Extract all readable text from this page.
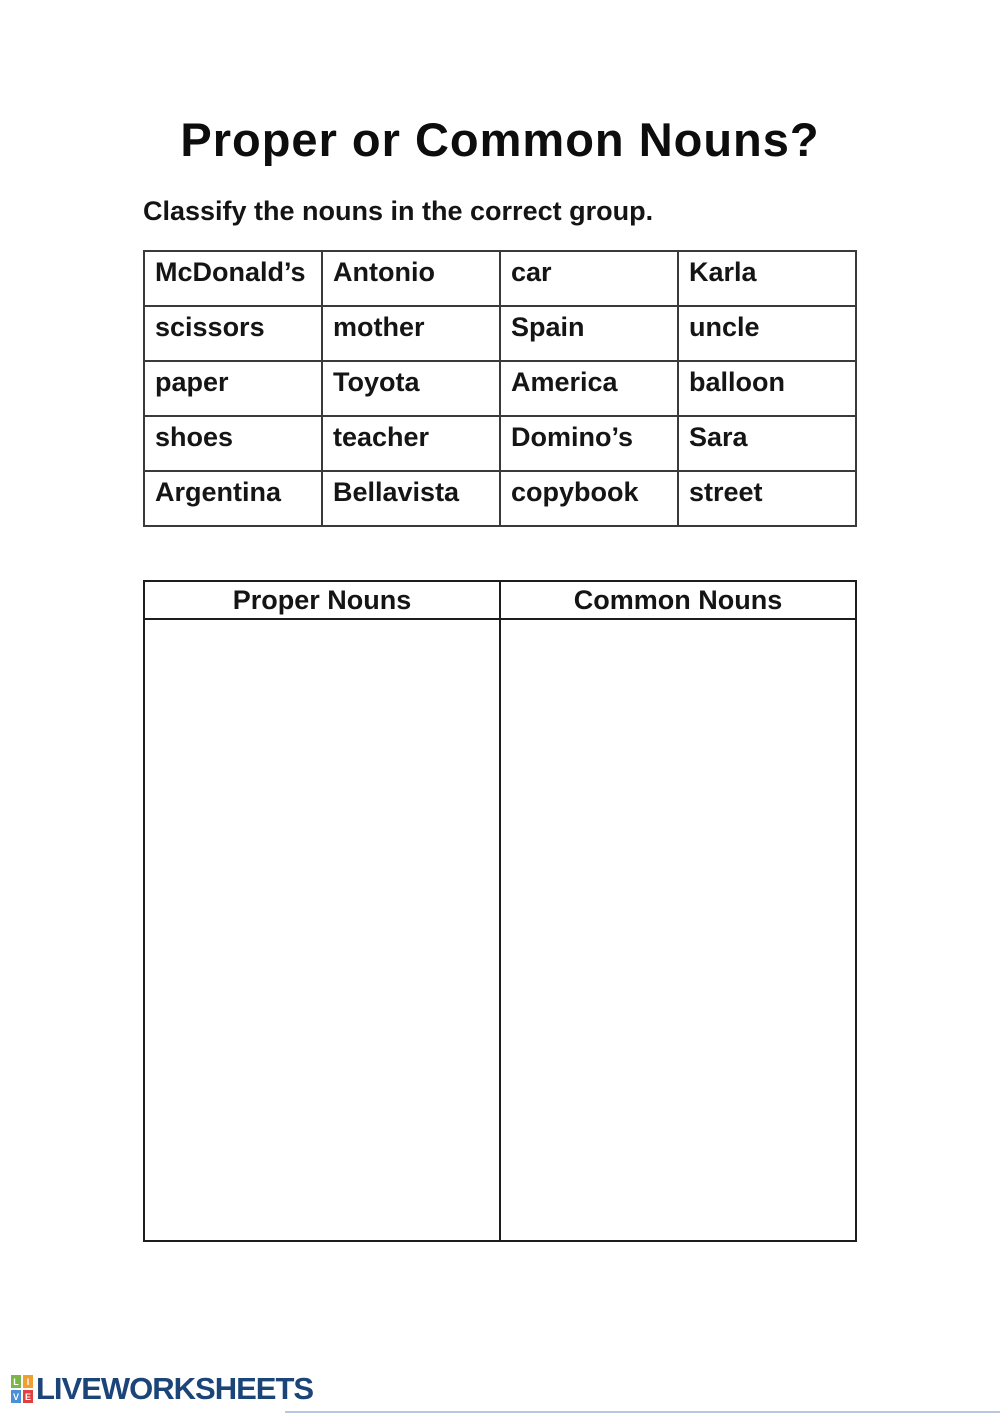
Proper or Common Nouns?
Classify the nouns in the correct group.
McDonald’s	Antonio	car	Karla
scissors	mother	Spain	uncle
paper	Toyota	America	balloon
shoes	teacher	Domino’s	Sara
Argentina	Bellavista	copybook	street
Proper Nouns	Common Nouns

L I
V E LIVEWORKSHEETS
